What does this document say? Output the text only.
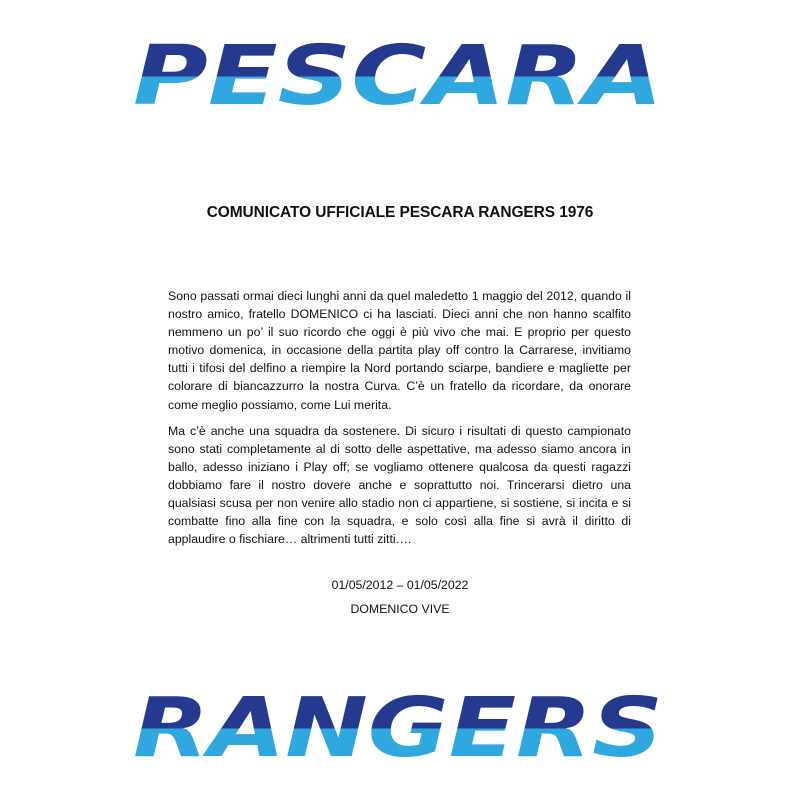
PESCARA
COMUNICATO UFFICIALE PESCARA RANGERS 1976

Sono passati ormai dieci lunghi anni da quel maledetto 1 maggio del 2012, quando il nostro amico, fratello DOMENICO ci ha lasciati. Dieci anni che non hanno scalfito nemmeno un po’ il suo ricordo che oggi è più vivo che mai. E proprio per questo motivo domenica, in occasione della partita play off contro la Carrarese, invitiamo tutti i tifosi del delfino a riempire la Nord portando sciarpe, bandiere e magliette per colorare di biancazzurro la nostra Curva. C’è un fratello da ricordare, da onorare come meglio possiamo, come Lui merita.

Ma c’è anche una squadra da sostenere. Di sicuro i risultati di questo campionato sono stati completamente al di sotto delle aspettative, ma adesso siamo ancora in ballo, adesso iniziano i Play off; se vogliamo ottenere qualcosa da questi ragazzi dobbiamo fare il nostro dovere anche e soprattutto noi. Trincerarsi dietro una qualsiasi scusa per non venire allo stadio non ci appartiene, si sostiene, si incita e si combatte fino alla fine con la squadra, e solo così alla fine si avrà il diritto di applaudire o fischiare… altrimenti tutti zitti….

01/05/2012 – 01/05/2022
DOMENICO VIVE
RANGERS
